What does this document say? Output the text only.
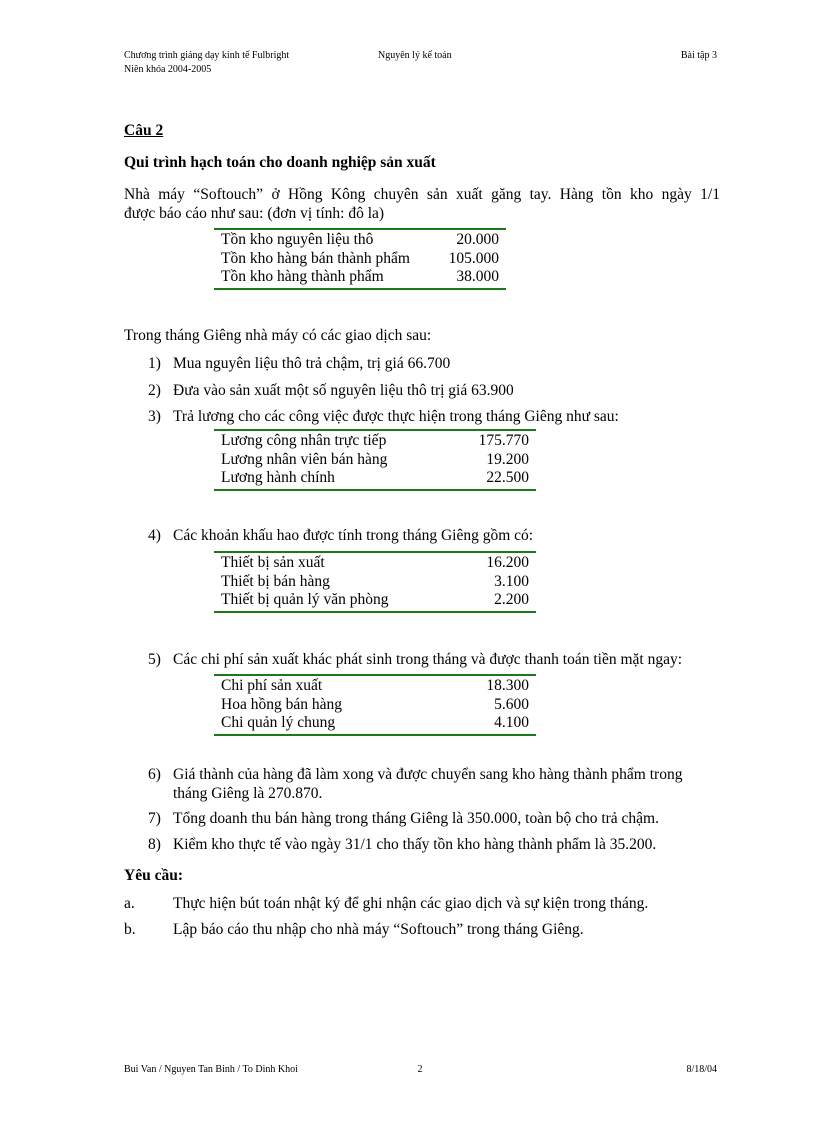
Chương trình giảng dạy kinh tế Fulbright
Niên khóa 2004-2005
Nguyên lý kế toán	Bài tập 3
Câu 2
Qui trình hạch toán cho doanh nghiệp sản xuất
Nhà máy “Softouch” ở Hồng Kông chuyên sản xuất găng tay. Hàng tồn kho ngày 1/1
được báo cáo như sau: (đơn vị tính: đô la)
Tồn kho nguyên liệu thô	20.000
Tồn kho hàng bán thành phẩm 105.000
Tồn kho hàng thành phẩm	38.000
Trong tháng Giêng nhà máy có các giao dịch sau:
1) Mua nguyên liệu thô trả chậm, trị giá 66.700
2) Đưa vào sản xuất một số nguyên liệu thô trị giá 63.900
3) Trả lương cho các công việc được thực hiện trong tháng Giêng như sau:
Lương công nhân trực tiếp	175.770
Lương nhân viên bán hàng	19.200
Lương hành chính	22.500
4) Các khoản khấu hao được tính trong tháng Giêng gồm có:
Thiết bị sản xuất	16.200
Thiết bị bán hàng	3.100
Thiết bị quản lý văn phòng	2.200
5) Các chi phí sản xuất khác phát sinh trong tháng và được thanh toán tiền mặt ngay:
Chi phí sản xuất	18.300
Hoa hồng bán hàng	5.600
Chi quản lý chung	4.100
6) Giá thành của hàng đã làm xong và được chuyển sang kho hàng thành phẩm trong
tháng Giêng là 270.870.
7) Tổng doanh thu bán hàng trong tháng Giêng là 350.000, toàn bộ cho trả chậm.
8) Kiểm kho thực tế vào ngày 31/1 cho thấy tồn kho hàng thành phẩm là 35.200.
Yêu cầu:
a. Thực hiện bút toán nhật ký để ghi nhận các giao dịch và sự kiện trong tháng.
b. Lập báo cáo thu nhập cho nhà máy “Softouch” trong tháng Giêng.
Bui Van / Nguyen Tan Binh / To Dinh Khoi	2	8/18/04
